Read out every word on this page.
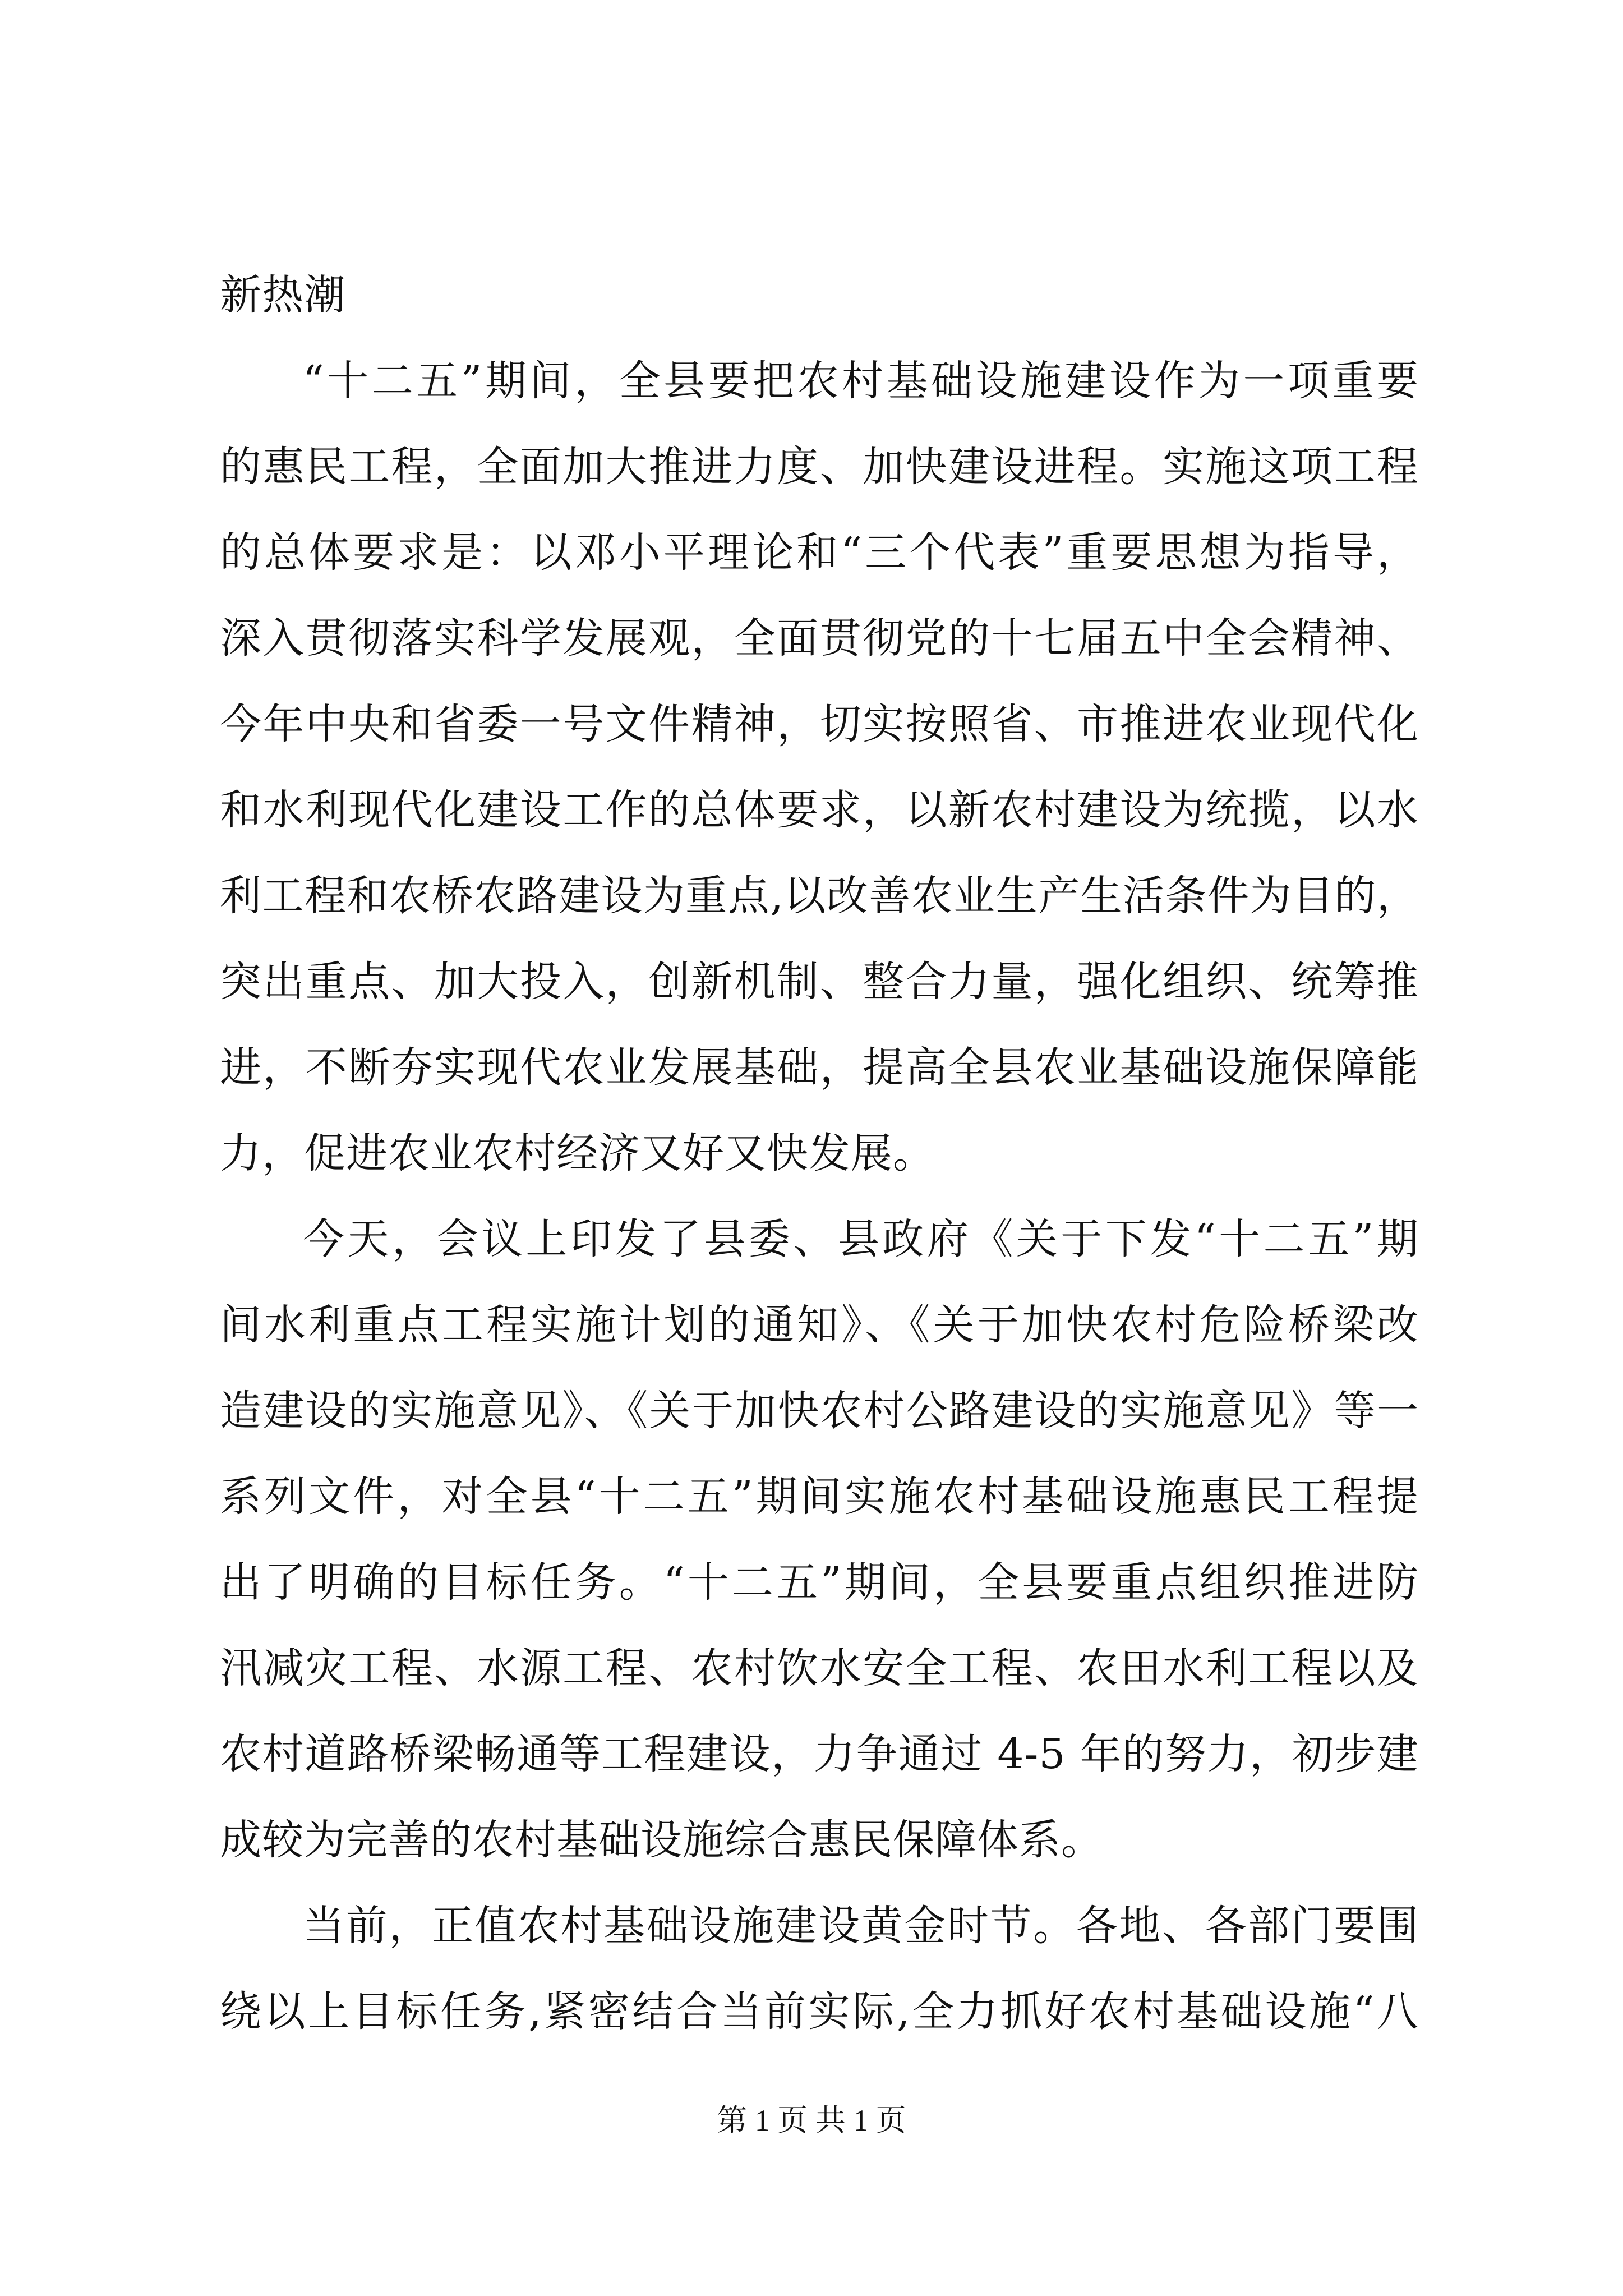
新热潮
“十二五”期间，全县要把农村基础设施建设作为一项重要
的惠民工程，全面加大推进力度、加快建设进程。实施这项工程
的总体要求是：以邓小平理论和“三个代表”重要思想为指导，
深入贯彻落实科学发展观，全面贯彻党的十七届五中全会精神、
今年中央和省委一号文件精神，切实按照省、市推进农业现代化
和水利现代化建设工作的总体要求，以新农村建设为统揽，以水
利工程和农桥农路建设为重点,以改善农业生产生活条件为目的，
突出重点、加大投入，创新机制、整合力量，强化组织、统筹推
进，不断夯实现代农业发展基础，提高全县农业基础设施保障能
力，促进农业农村经济又好又快发展。
今天，会议上印发了县委、县政府《关于下发“十二五”期
间水利重点工程实施计划的通知》、《关于加快农村危险桥梁改
造建设的实施意见》、《关于加快农村公路建设的实施意见》等一
系列文件，对全县“十二五”期间实施农村基础设施惠民工程提
出了明确的目标任务。“十二五”期间，全县要重点组织推进防
汛减灾工程、水源工程、农村饮水安全工程、农田水利工程以及
农村道路桥梁畅通等工程建设，力争通过 4-5 年的努力，初步建
成较为完善的农村基础设施综合惠民保障体系。
当前，正值农村基础设施建设黄金时节。各地、各部门要围
绕以上目标任务,紧密结合当前实际,全力抓好农村基础设施“八
第 1 页 共 1 页
